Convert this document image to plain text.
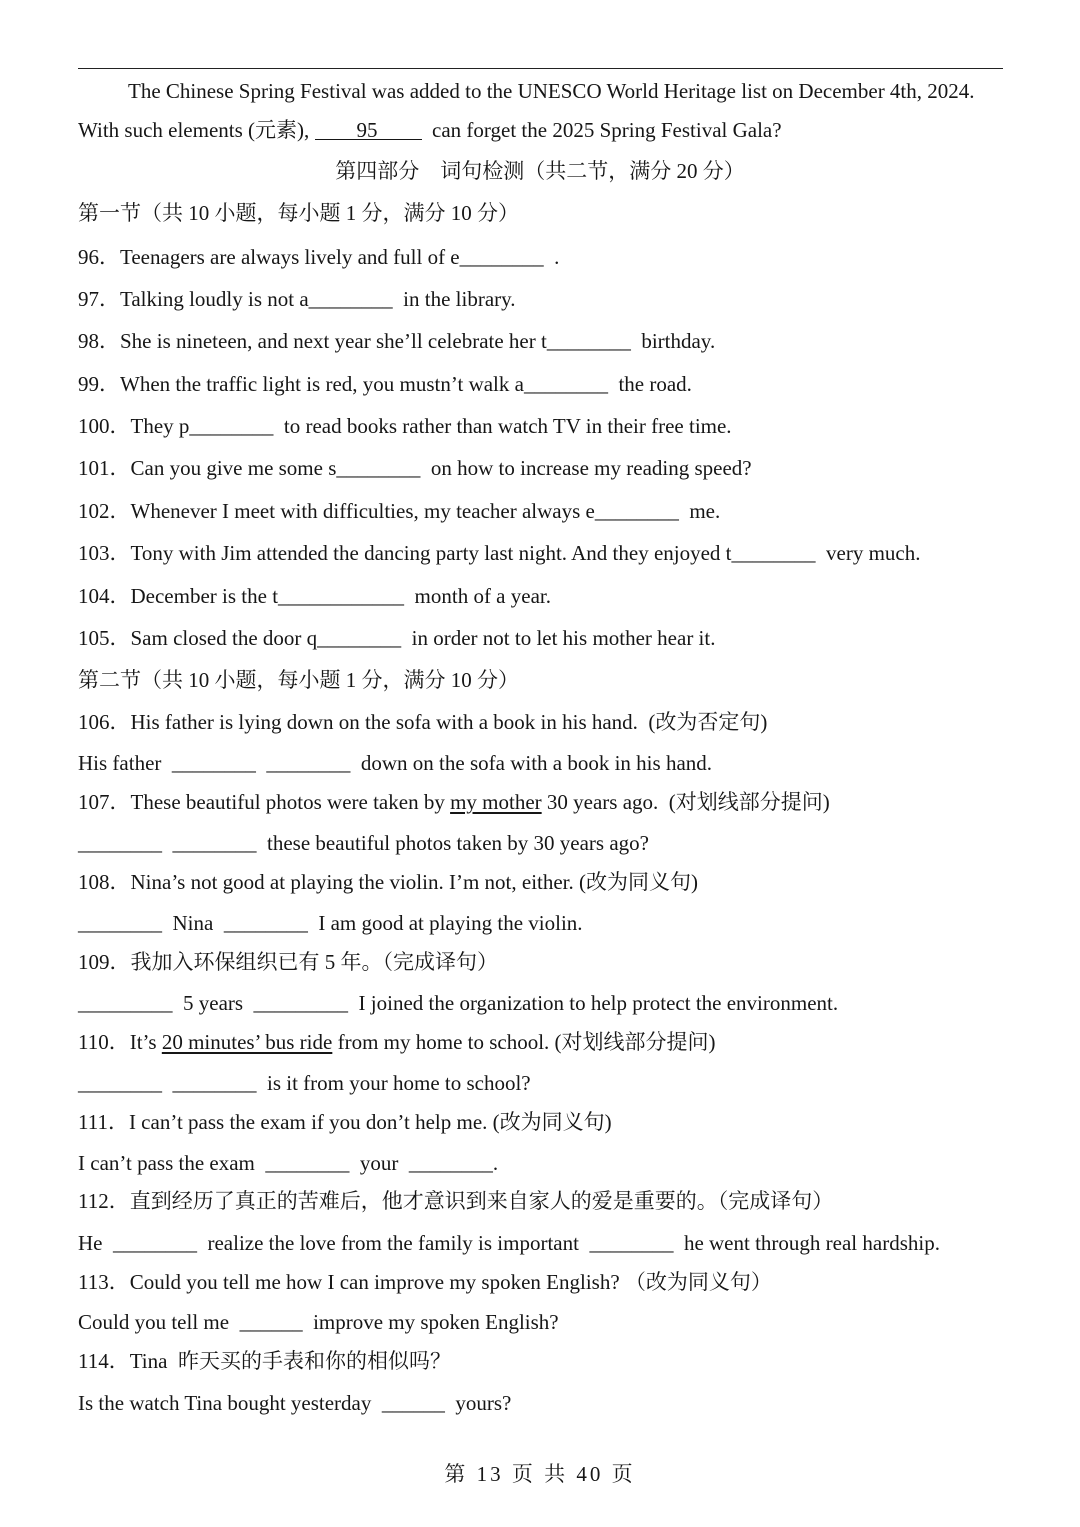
The Chinese Spring Festival was added to the UNESCO World Heritage list on December 4th, 2024.
With such elements (元素), 95  can forget the 2025 Spring Festival Gala?
第四部分　词句检测（共二节，满分 20 分）
第一节（共 10 小题，每小题 1 分，满分 10 分）
96．Teenagers are always lively and full of e________  .
97．Talking loudly is not a________  in the library.
98．She is nineteen, and next year she’ll celebrate her t________  birthday.
99．When the traffic light is red, you mustn’t walk a________  the road.
100．They p________  to read books rather than watch TV in their free time.
101．Can you give me some s________  on how to increase my reading speed?
102．Whenever I meet with difficulties, my teacher always e________  me.
103．Tony with Jim attended the dancing party last night. And they enjoyed t________  very much.
104．December is the t____________  month of a year.
105．Sam closed the door q________  in order not to let his mother hear it.
第二节（共 10 小题，每小题 1 分，满分 10 分）
106．His father is lying down on the sofa with a book in his hand.  (改为否定句)
His father  ________  ________  down on the sofa with a book in his hand.
107．These beautiful photos were taken by my mother 30 years ago.  (对划线部分提问)
________  ________  these beautiful photos taken by 30 years ago?
108．Nina’s not good at playing the violin. I’m not, either. (改为同义句)
________  Nina  ________  I am good at playing the violin.
109．我加入环保组织已有 5 年。（完成译句）
_________  5 years  _________  I joined the organization to help protect the environment.
110．It’s 20 minutes’ bus ride from my home to school. (对划线部分提问)
________  ________  is it from your home to school?
111．I can’t pass the exam if you don’t help me. (改为同义句)
I can’t pass the exam  ________  your  ________.
112．直到经历了真正的苦难后，他才意识到来自家人的爱是重要的。（完成译句）
He  ________  realize the love from the family is important  ________  he went through real hardship.
113．Could you tell me how I can improve my spoken English? （改为同义句）
Could you tell me  ______  improve my spoken English?
114．Tina  昨天买的手表和你的相似吗？
Is the watch Tina bought yesterday  ______  yours?
第 13 页 共 40 页
